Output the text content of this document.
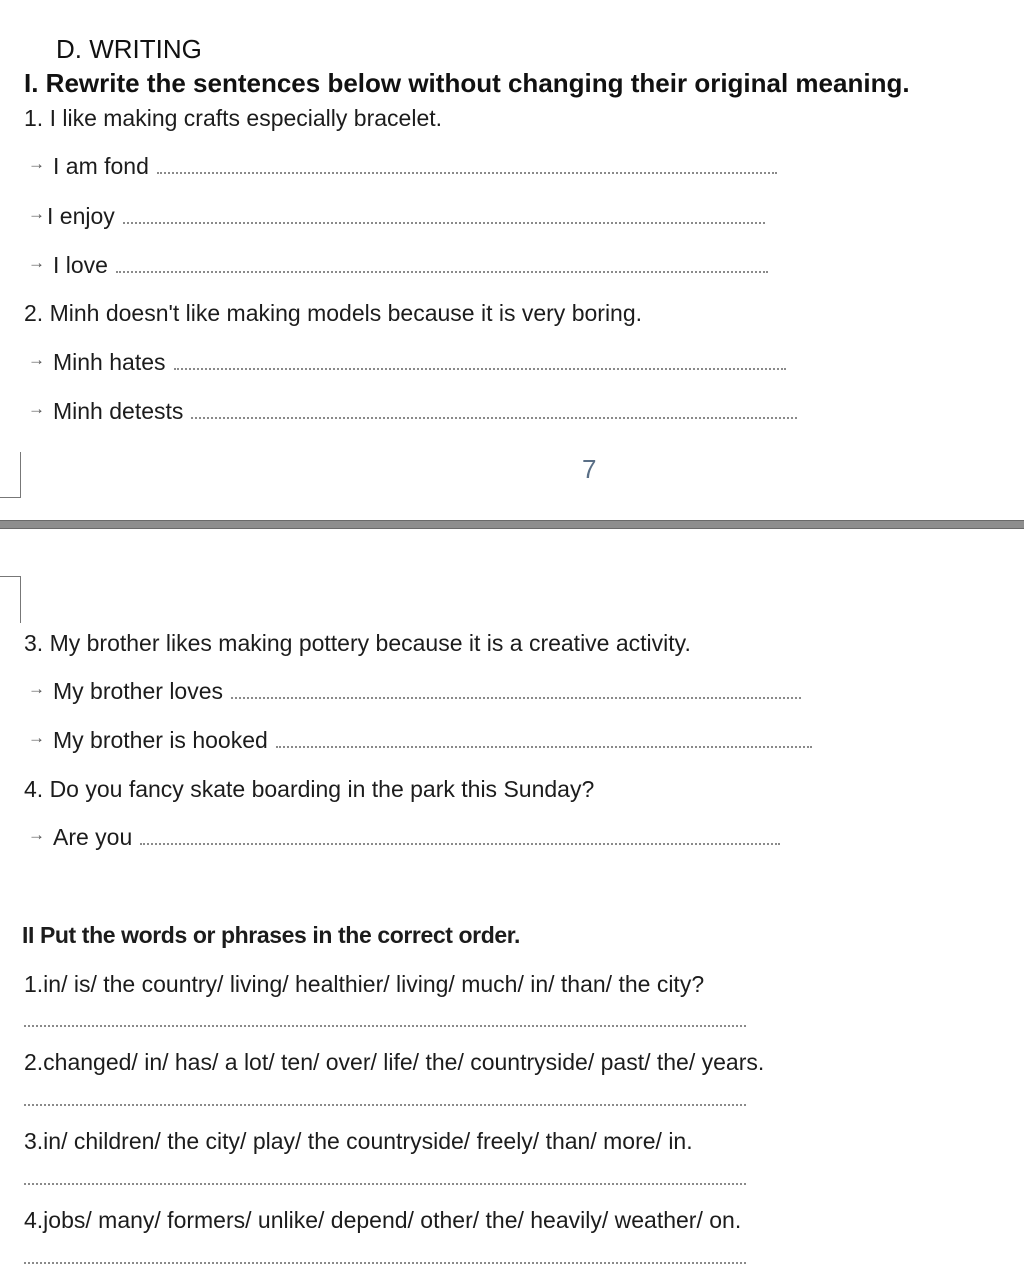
D. WRITING
I. Rewrite the sentences below without changing their original meaning.
1. I like making crafts especially bracelet.
→ I am fond
→ I enjoy
→ I love
2. Minh doesn't like making models because it is very boring.
→ Minh hates
→ Minh detests
7
3. My brother likes making pottery because it is a creative activity.
→ My brother loves
→ My brother is hooked
4. Do you fancy skate boarding in the park this Sunday?
→ Are you
II Put the words or phrases in the correct order.
1.in/ is/ the country/ living/ healthier/ living/ much/ in/ than/ the city?
2.changed/ in/ has/ a lot/ ten/ over/ life/ the/ countryside/ past/ the/ years.
3.in/ children/ the city/ play/ the countryside/ freely/ than/ more/ in.
4.jobs/ many/ formers/ unlike/ depend/ other/ the/ heavily/ weather/ on.
